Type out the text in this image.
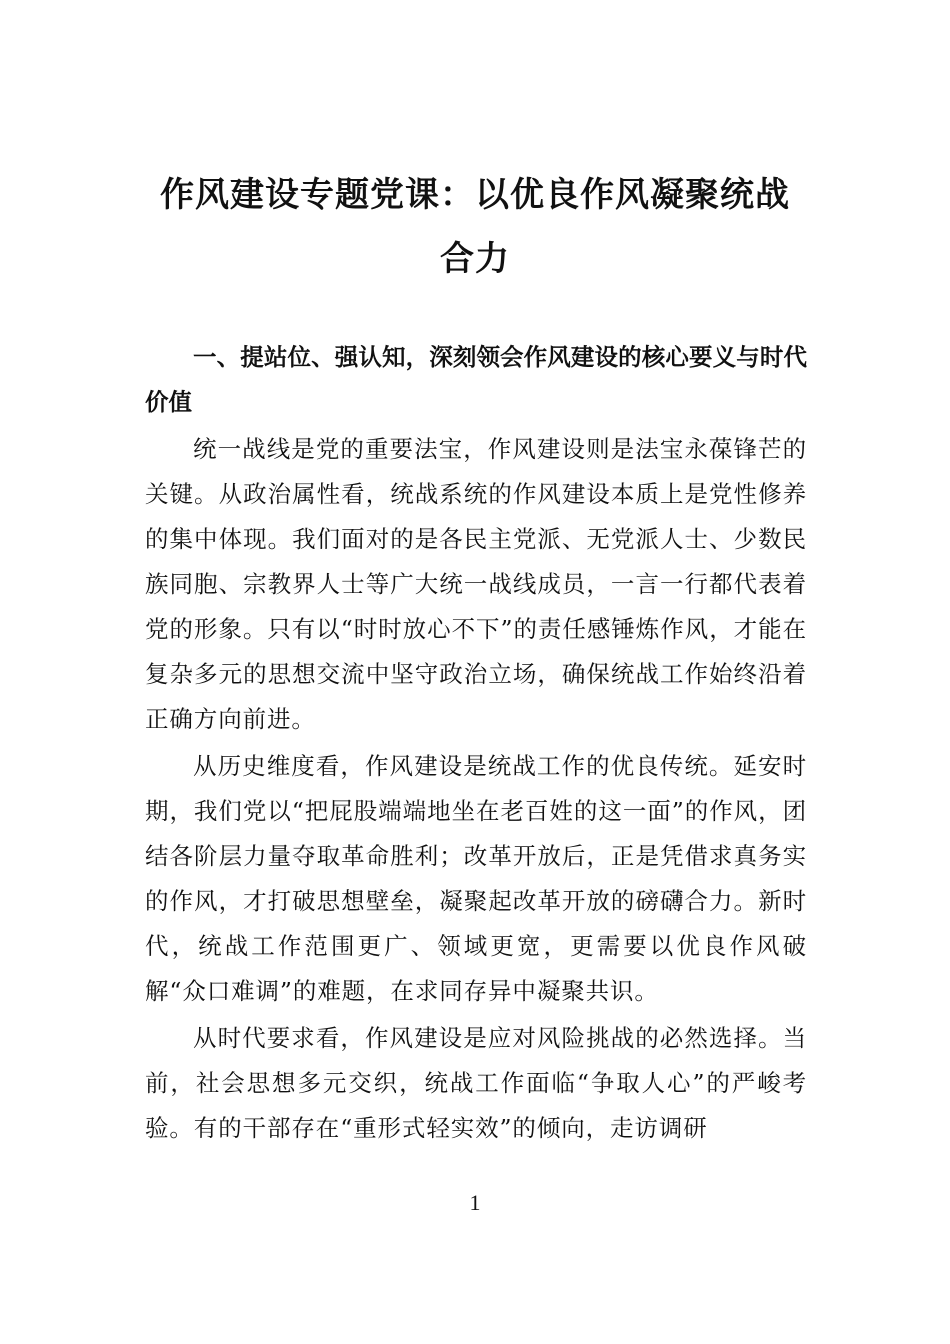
作风建设专题党课：以优良作风凝聚统战合力

一、提站位、强认知，深刻领会作风建设的核心要义与时代价值

统一战线是党的重要法宝，作风建设则是法宝永葆锋芒的关键。从政治属性看，统战系统的作风建设本质上是党性修养的集中体现。我们面对的是各民主党派、无党派人士、少数民族同胞、宗教界人士等广大统一战线成员，一言一行都代表着党的形象。只有以“时时放心不下”的责任感锤炼作风，才能在复杂多元的思想交流中坚守政治立场，确保统战工作始终沿着正确方向前进。

从历史维度看，作风建设是统战工作的优良传统。延安时期，我们党以“把屁股端端地坐在老百姓的这一面”的作风，团结各阶层力量夺取革命胜利；改革开放后，正是凭借求真务实的作风，才打破思想壁垒，凝聚起改革开放的磅礴合力。新时代，统战工作范围更广、领域更宽，更需要以优良作风破解“众口难调”的难题，在求同存异中凝聚共识。

从时代要求看，作风建设是应对风险挑战的必然选择。当前，社会思想多元交织，统战工作面临“争取人心”的严峻考验。有的干部存在“重形式轻实效”的倾向，走访调研

1
